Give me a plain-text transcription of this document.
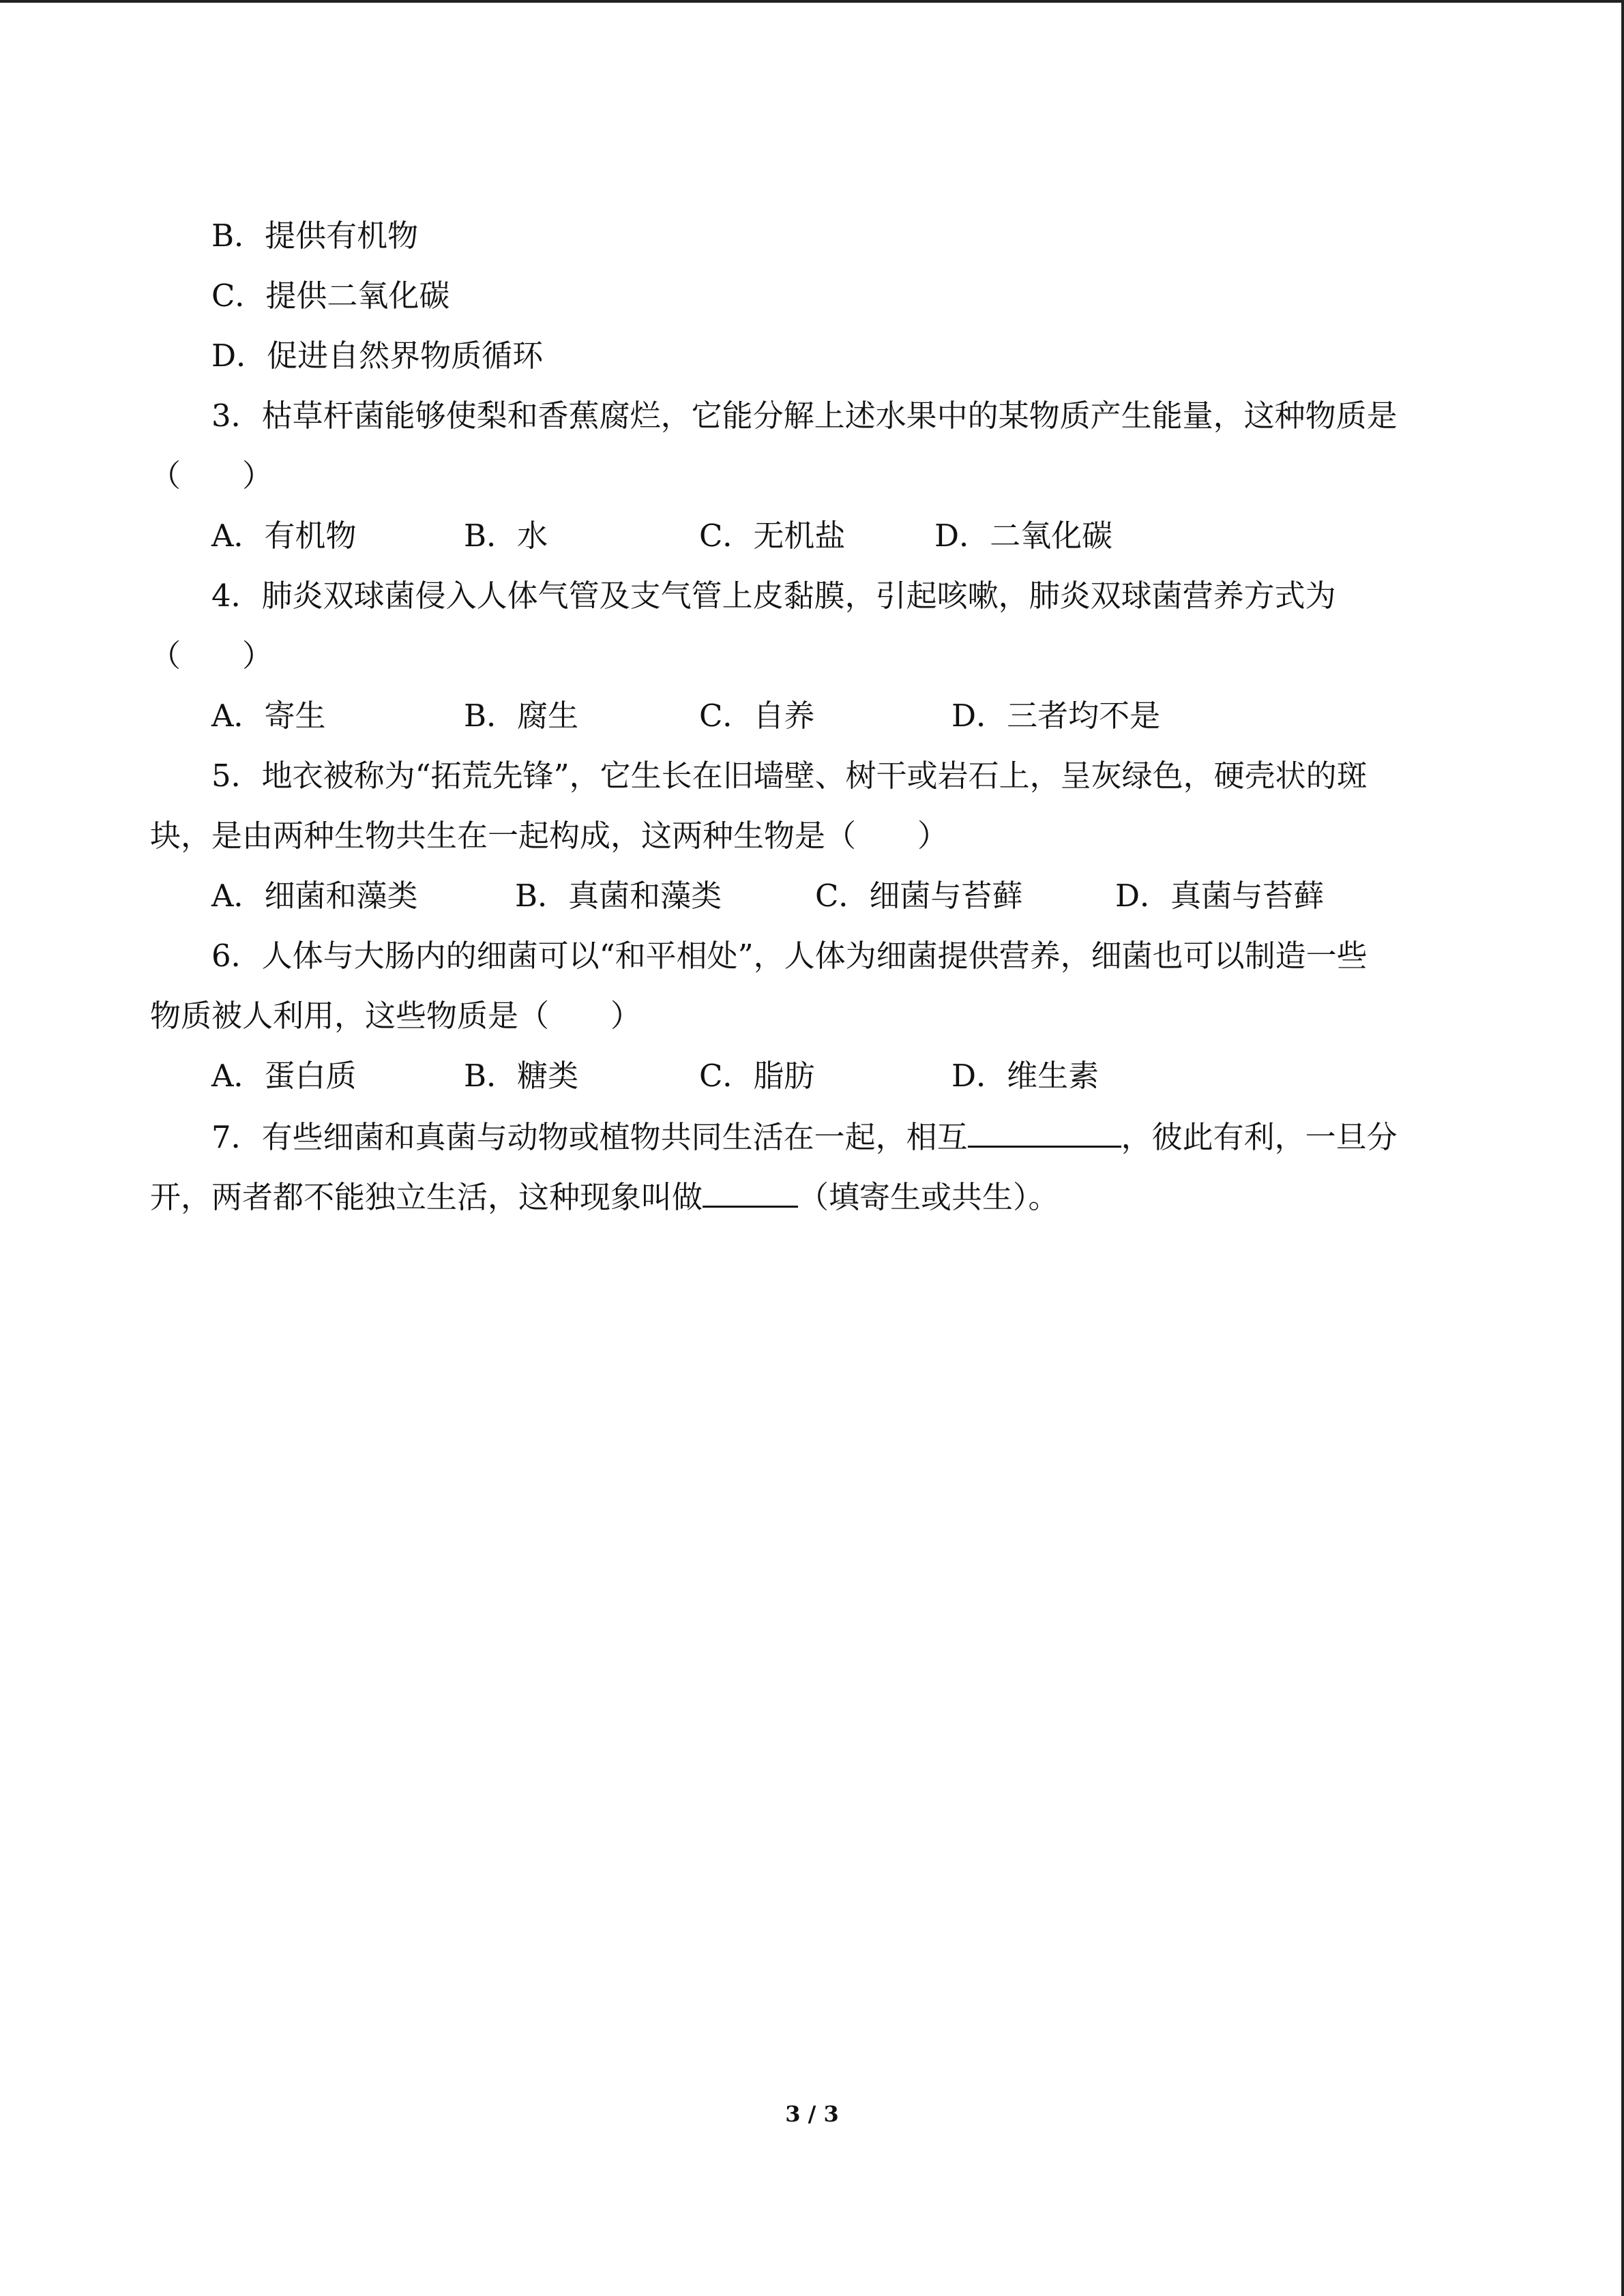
B．提供有机物
C．提供二氧化碳
D．促进自然界物质循环
3．枯草杆菌能够使梨和香蕉腐烂，它能分解上述水果中的某物质产生能量，这种物质是
（　　）
A．有机物	B．水	C．无机盐	D．二氧化碳
4．肺炎双球菌侵入人体气管及支气管上皮黏膜，引起咳嗽，肺炎双球菌营养方式为
（　　）
A．寄生	B．腐生	C．自养	D．三者均不是
5．地衣被称为“拓荒先锋”，它生长在旧墙壁、树干或岩石上，呈灰绿色，硬壳状的斑
块，是由两种生物共生在一起构成，这两种生物是（　　）
A．细菌和藻类	B．真菌和藻类	C．细菌与苔藓	D．真菌与苔藓
6．人体与大肠内的细菌可以“和平相处”，人体为细菌提供营养，细菌也可以制造一些
物质被人利用，这些物质是（　　）
A．蛋白质	B．糖类	C．脂肪	D．维生素
7．有些细菌和真菌与动物或植物共同生活在一起，相互	，彼此有利，一旦分
开，两者都不能独立生活，这种现象叫做	（填寄生或共生）。
3 / 3
